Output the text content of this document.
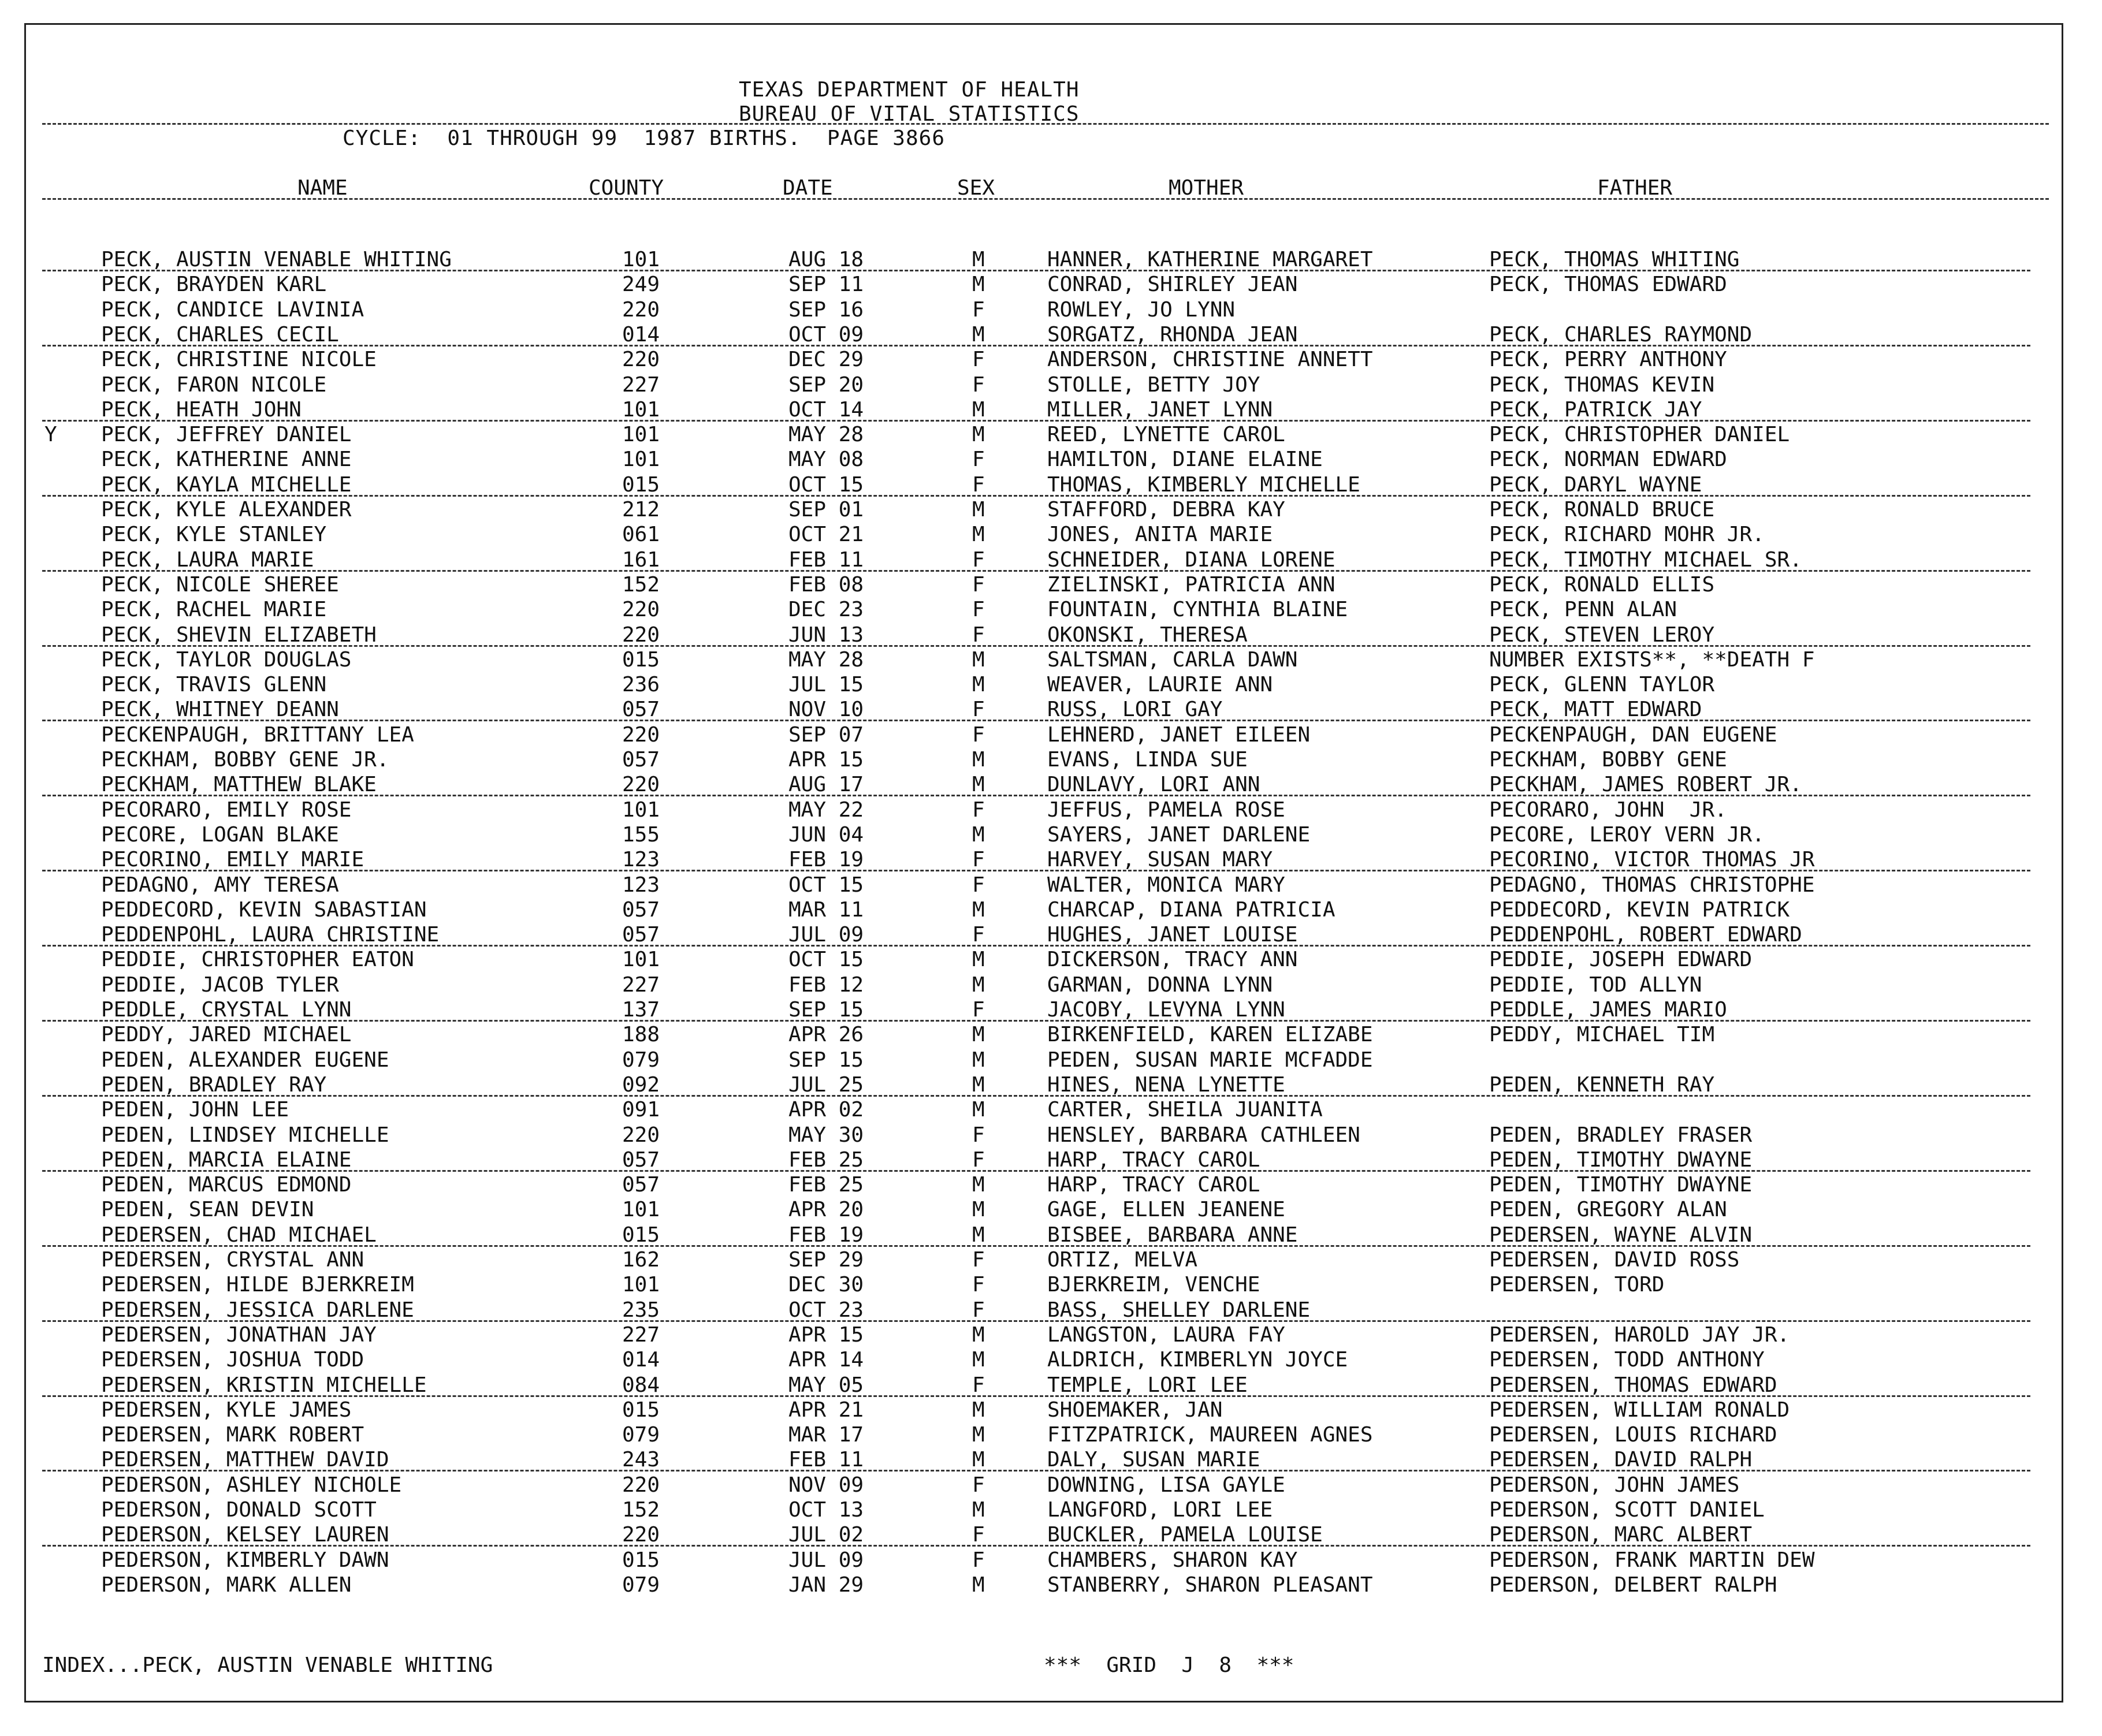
TEXAS DEPARTMENT OF HEALTH
BUREAU OF VITAL STATISTICS
CYCLE:  01 THROUGH 99  1987 BIRTHS.  PAGE 3866
NAME	COUNTY	DATE	SEX	MOTHER	FATHER
PECK, AUSTIN VENABLE WHITING	101	AUG 18	M	HANNER, KATHERINE MARGARET	PECK, THOMAS WHITING
PECK, BRAYDEN KARL	249	SEP 11	M	CONRAD, SHIRLEY JEAN	PECK, THOMAS EDWARD
PECK, CANDICE LAVINIA	220	SEP 16	F	ROWLEY, JO LYNN
PECK, CHARLES CECIL	014	OCT 09	M	SORGATZ, RHONDA JEAN	PECK, CHARLES RAYMOND
PECK, CHRISTINE NICOLE	220	DEC 29	F	ANDERSON, CHRISTINE ANNETT	PECK, PERRY ANTHONY
PECK, FARON NICOLE	227	SEP 20	F	STOLLE, BETTY JOY	PECK, THOMAS KEVIN
PECK, HEATH JOHN	101	OCT 14	M	MILLER, JANET LYNN	PECK, PATRICK JAY
Y PECK, JEFFREY DANIEL	101	MAY 28	M	REED, LYNETTE CAROL	PECK, CHRISTOPHER DANIEL
PECK, KATHERINE ANNE	101	MAY 08	F	HAMILTON, DIANE ELAINE	PECK, NORMAN EDWARD
PECK, KAYLA MICHELLE	015	OCT 15	F	THOMAS, KIMBERLY MICHELLE	PECK, DARYL WAYNE
PECK, KYLE ALEXANDER	212	SEP 01	M	STAFFORD, DEBRA KAY	PECK, RONALD BRUCE
PECK, KYLE STANLEY	061	OCT 21	M	JONES, ANITA MARIE	PECK, RICHARD MOHR JR.
PECK, LAURA MARIE	161	FEB 11	F	SCHNEIDER, DIANA LORENE	PECK, TIMOTHY MICHAEL SR.
PECK, NICOLE SHEREE	152	FEB 08	F	ZIELINSKI, PATRICIA ANN	PECK, RONALD ELLIS
PECK, RACHEL MARIE	220	DEC 23	F	FOUNTAIN, CYNTHIA BLAINE	PECK, PENN ALAN
PECK, SHEVIN ELIZABETH	220	JUN 13	F	OKONSKI, THERESA	PECK, STEVEN LEROY
PECK, TAYLOR DOUGLAS	015	MAY 28	M	SALTSMAN, CARLA DAWN	NUMBER EXISTS**, **DEATH F
PECK, TRAVIS GLENN	236	JUL 15	M	WEAVER, LAURIE ANN	PECK, GLENN TAYLOR
PECK, WHITNEY DEANN	057	NOV 10	F	RUSS, LORI GAY	PECK, MATT EDWARD
PECKENPAUGH, BRITTANY LEA	220	SEP 07	F	LEHNERD, JANET EILEEN	PECKENPAUGH, DAN EUGENE
PECKHAM, BOBBY GENE JR.	057	APR 15	M	EVANS, LINDA SUE	PECKHAM, BOBBY GENE
PECKHAM, MATTHEW BLAKE	220	AUG 17	M	DUNLAVY, LORI ANN	PECKHAM, JAMES ROBERT JR.
PECORARO, EMILY ROSE	101	MAY 22	F	JEFFUS, PAMELA ROSE	PECORARO, JOHN  JR.
PECORE, LOGAN BLAKE	155	JUN 04	M	SAYERS, JANET DARLENE	PECORE, LEROY VERN JR.
PECORINO, EMILY MARIE	123	FEB 19	F	HARVEY, SUSAN MARY	PECORINO, VICTOR THOMAS JR
PEDAGNO, AMY TERESA	123	OCT 15	F	WALTER, MONICA MARY	PEDAGNO, THOMAS CHRISTOPHE
PEDDECORD, KEVIN SABASTIAN	057	MAR 11	M	CHARCAP, DIANA PATRICIA	PEDDECORD, KEVIN PATRICK
PEDDENPOHL, LAURA CHRISTINE	057	JUL 09	F	HUGHES, JANET LOUISE	PEDDENPOHL, ROBERT EDWARD
PEDDIE, CHRISTOPHER EATON	101	OCT 15	M	DICKERSON, TRACY ANN	PEDDIE, JOSEPH EDWARD
PEDDIE, JACOB TYLER	227	FEB 12	M	GARMAN, DONNA LYNN	PEDDIE, TOD ALLYN
PEDDLE, CRYSTAL LYNN	137	SEP 15	F	JACOBY, LEVYNA LYNN	PEDDLE, JAMES MARIO
PEDDY, JARED MICHAEL	188	APR 26	M	BIRKENFIELD, KAREN ELIZABE	PEDDY, MICHAEL TIM
PEDEN, ALEXANDER EUGENE	079	SEP 15	M	PEDEN, SUSAN MARIE MCFADDE
PEDEN, BRADLEY RAY	092	JUL 25	M	HINES, NENA LYNETTE	PEDEN, KENNETH RAY
PEDEN, JOHN LEE	091	APR 02	M	CARTER, SHEILA JUANITA
PEDEN, LINDSEY MICHELLE	220	MAY 30	F	HENSLEY, BARBARA CATHLEEN	PEDEN, BRADLEY FRASER
PEDEN, MARCIA ELAINE	057	FEB 25	F	HARP, TRACY CAROL	PEDEN, TIMOTHY DWAYNE
PEDEN, MARCUS EDMOND	057	FEB 25	M	HARP, TRACY CAROL	PEDEN, TIMOTHY DWAYNE
PEDEN, SEAN DEVIN	101	APR 20	M	GAGE, ELLEN JEANENE	PEDEN, GREGORY ALAN
PEDERSEN, CHAD MICHAEL	015	FEB 19	M	BISBEE, BARBARA ANNE	PEDERSEN, WAYNE ALVIN
PEDERSEN, CRYSTAL ANN	162	SEP 29	F	ORTIZ, MELVA	PEDERSEN, DAVID ROSS
PEDERSEN, HILDE BJERKREIM	101	DEC 30	F	BJERKREIM, VENCHE	PEDERSEN, TORD
PEDERSEN, JESSICA DARLENE	235	OCT 23	F	BASS, SHELLEY DARLENE
PEDERSEN, JONATHAN JAY	227	APR 15	M	LANGSTON, LAURA FAY	PEDERSEN, HAROLD JAY JR.
PEDERSEN, JOSHUA TODD	014	APR 14	M	ALDRICH, KIMBERLYN JOYCE	PEDERSEN, TODD ANTHONY
PEDERSEN, KRISTIN MICHELLE	084	MAY 05	F	TEMPLE, LORI LEE	PEDERSEN, THOMAS EDWARD
PEDERSEN, KYLE JAMES	015	APR 21	M	SHOEMAKER, JAN	PEDERSEN, WILLIAM RONALD
PEDERSEN, MARK ROBERT	079	MAR 17	M	FITZPATRICK, MAUREEN AGNES	PEDERSEN, LOUIS RICHARD
PEDERSEN, MATTHEW DAVID	243	FEB 11	M	DALY, SUSAN MARIE	PEDERSEN, DAVID RALPH
PEDERSON, ASHLEY NICHOLE	220	NOV 09	F	DOWNING, LISA GAYLE	PEDERSON, JOHN JAMES
PEDERSON, DONALD SCOTT	152	OCT 13	M	LANGFORD, LORI LEE	PEDERSON, SCOTT DANIEL
PEDERSON, KELSEY LAUREN	220	JUL 02	F	BUCKLER, PAMELA LOUISE	PEDERSON, MARC ALBERT
PEDERSON, KIMBERLY DAWN	015	JUL 09	F	CHAMBERS, SHARON KAY	PEDERSON, FRANK MARTIN DEW
PEDERSON, MARK ALLEN	079	JAN 29	M	STANBERRY, SHARON PLEASANT	PEDERSON, DELBERT RALPH
INDEX...PECK, AUSTIN VENABLE WHITING	***  GRID  J  8  ***
